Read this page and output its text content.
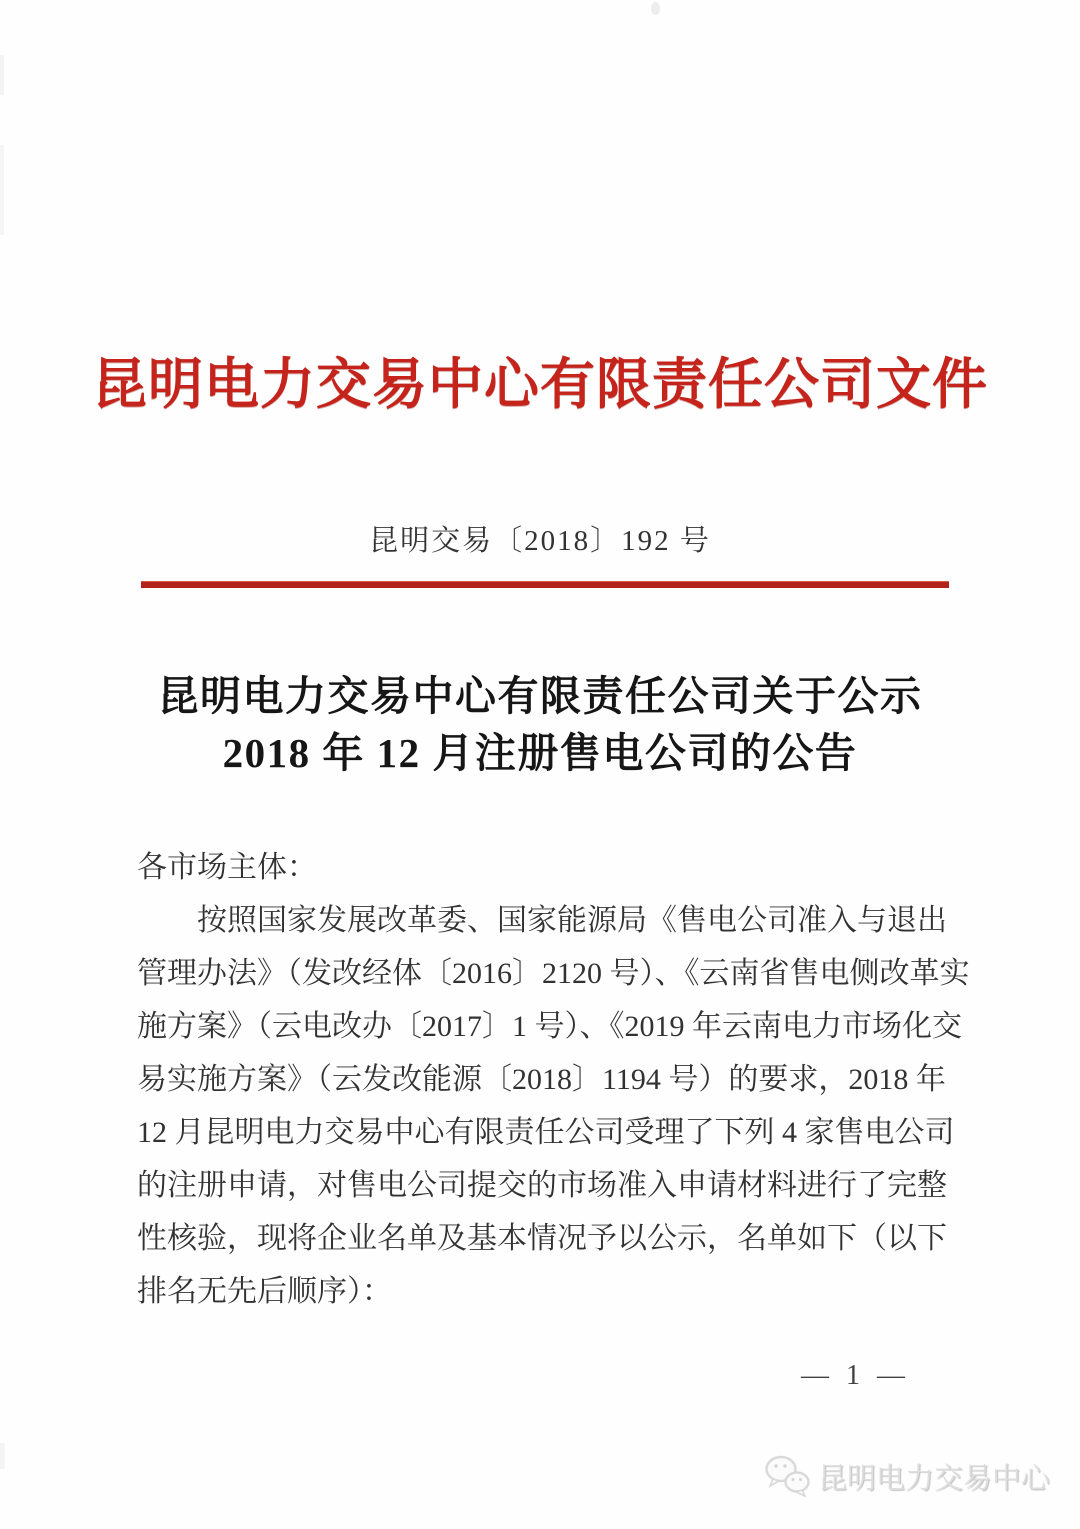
昆明电力交易中心有限责任公司文件
昆明交易〔2018〕192 号
昆明电力交易中心有限责任公司关于公示
2018 年 12 月注册售电公司的公告
各市场主体：
按照国家发展改革委、国家能源局《售电公司准入与退出
管理办法》（发改经体〔2016〕2120 号）、《云南省售电侧改革实
施方案》（云电改办〔2017〕1 号）、《2019 年云南电力市场化交
易实施方案》（云发改能源〔2018〕1194 号）的要求，2018 年
12 月昆明电力交易中心有限责任公司受理了下列 4 家售电公司
的注册申请，对售电公司提交的市场准入申请材料进行了完整
性核验，现将企业名单及基本情况予以公示，名单如下（以下
排名无先后顺序）：
— 1 —
昆明电力交易中心
